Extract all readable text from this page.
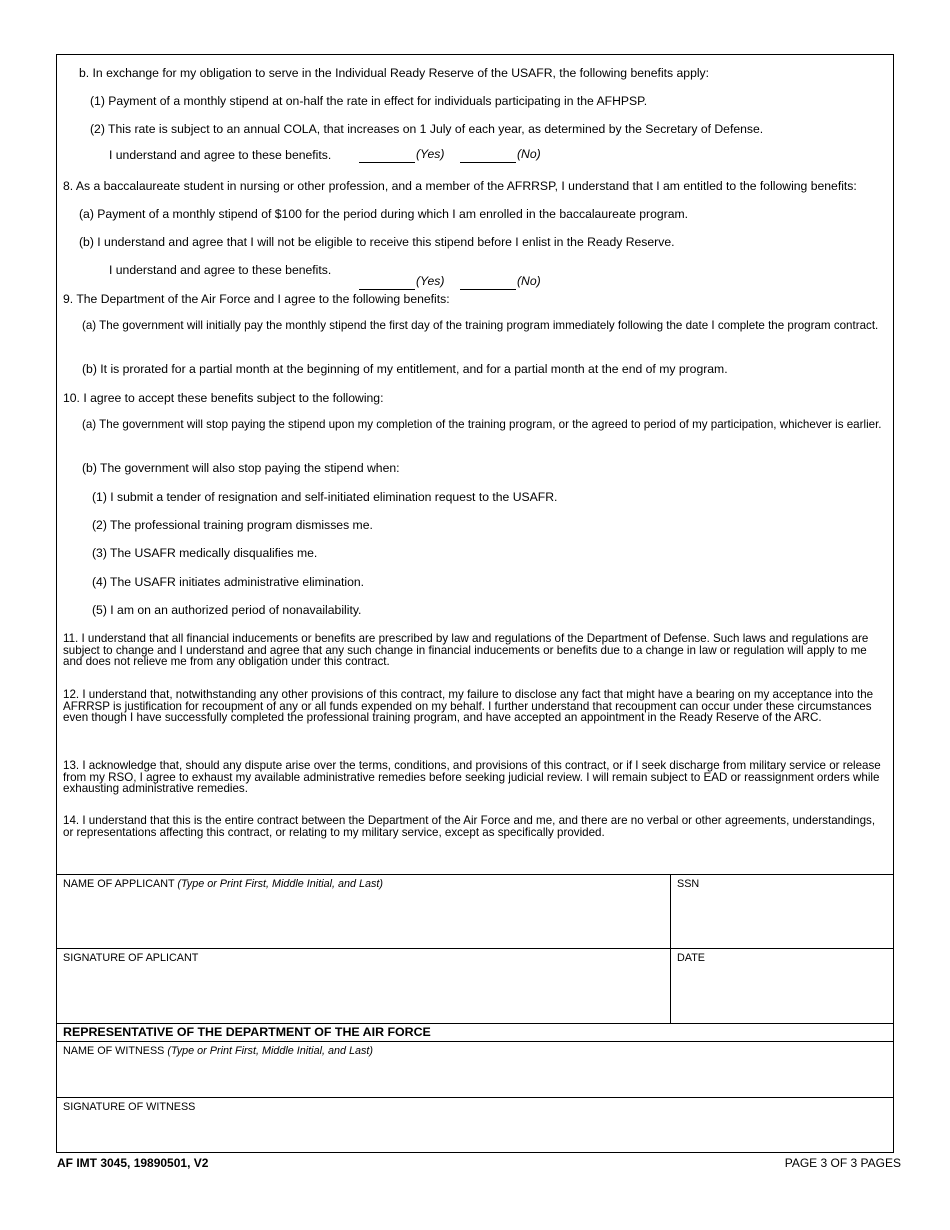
b. In exchange for my obligation to serve in the Individual Ready Reserve of the USAFR, the following benefits apply:
(1) Payment of a monthly stipend at on-half the rate in effect for individuals participating in the AFHPSP.
(2) This rate is subject to an annual COLA, that increases on 1 July of each year, as determined by the Secretary of Defense.
I understand and agree to these benefits.	(Yes)	(No)
8. As a baccalaureate student in nursing or other profession, and a member of the AFRRSP, I understand that I am entitled to the following benefits:
(a) Payment of a monthly stipend of $100 for the period during which I am enrolled in the baccalaureate program.
(b) I understand and agree that I will not be eligible to receive this stipend before I enlist in the Ready Reserve.
I understand and agree to these benefits.
(Yes)	(No)
9. The Department of the Air Force and I agree to the following benefits:
(a) The government will initially pay the monthly stipend the first day of the training program immediately following the date I complete the program contract.
(b) It is prorated for a partial month at the beginning of my entitlement, and for a partial month at the end of my program.
10. I agree to accept these benefits subject to the following:
(a) The government will stop paying the stipend upon my completion of the training program, or the agreed to period of my participation, whichever is earlier.
(b) The government will also stop paying the stipend when:
(1) I submit a tender of resignation and self-initiated elimination request to the USAFR.
(2) The professional training program dismisses me.
(3) The USAFR medically disqualifies me.
(4) The USAFR initiates administrative elimination.
(5) I am on an authorized period of nonavailability.
11. I understand that all financial inducements or benefits are prescribed by law and regulations of the Department of Defense. Such laws and regulations are subject to change and I understand and agree that any such change in financial inducements or benefits due to a change in law or regulation will apply to me and does not relieve me from any obligation under this contract.
12. I understand that, notwithstanding any other provisions of this contract, my failure to disclose any fact that might have a bearing on my acceptance into the AFRRSP is justification for recoupment of any or all funds expended on my behalf. I further understand that recoupment can occur under these circumstances even though I have successfully completed the professional training program, and have accepted an appointment in the Ready Reserve of the ARC.
13. I acknowledge that, should any dispute arise over the terms, conditions, and provisions of this contract, or if I seek discharge from military service or release from my RSO, I agree to exhaust my available administrative remedies before seeking judicial review. I will remain subject to EAD or reassignment orders while exhausting administrative remedies.
14. I understand that this is the entire contract between the Department of the Air Force and me, and there are no verbal or other agreements, understandings, or representations affecting this contract, or relating to my military service, except as specifically provided.
NAME OF APPLICANT (Type or Print First, Middle Initial, and Last)	SSN
SIGNATURE OF APLICANT	DATE
REPRESENTATIVE OF THE DEPARTMENT OF THE AIR FORCE
NAME OF WITNESS (Type or Print First, Middle Initial, and Last)
SIGNATURE OF WITNESS
AF IMT 3045, 19890501, V2	PAGE 3 OF 3 PAGES
